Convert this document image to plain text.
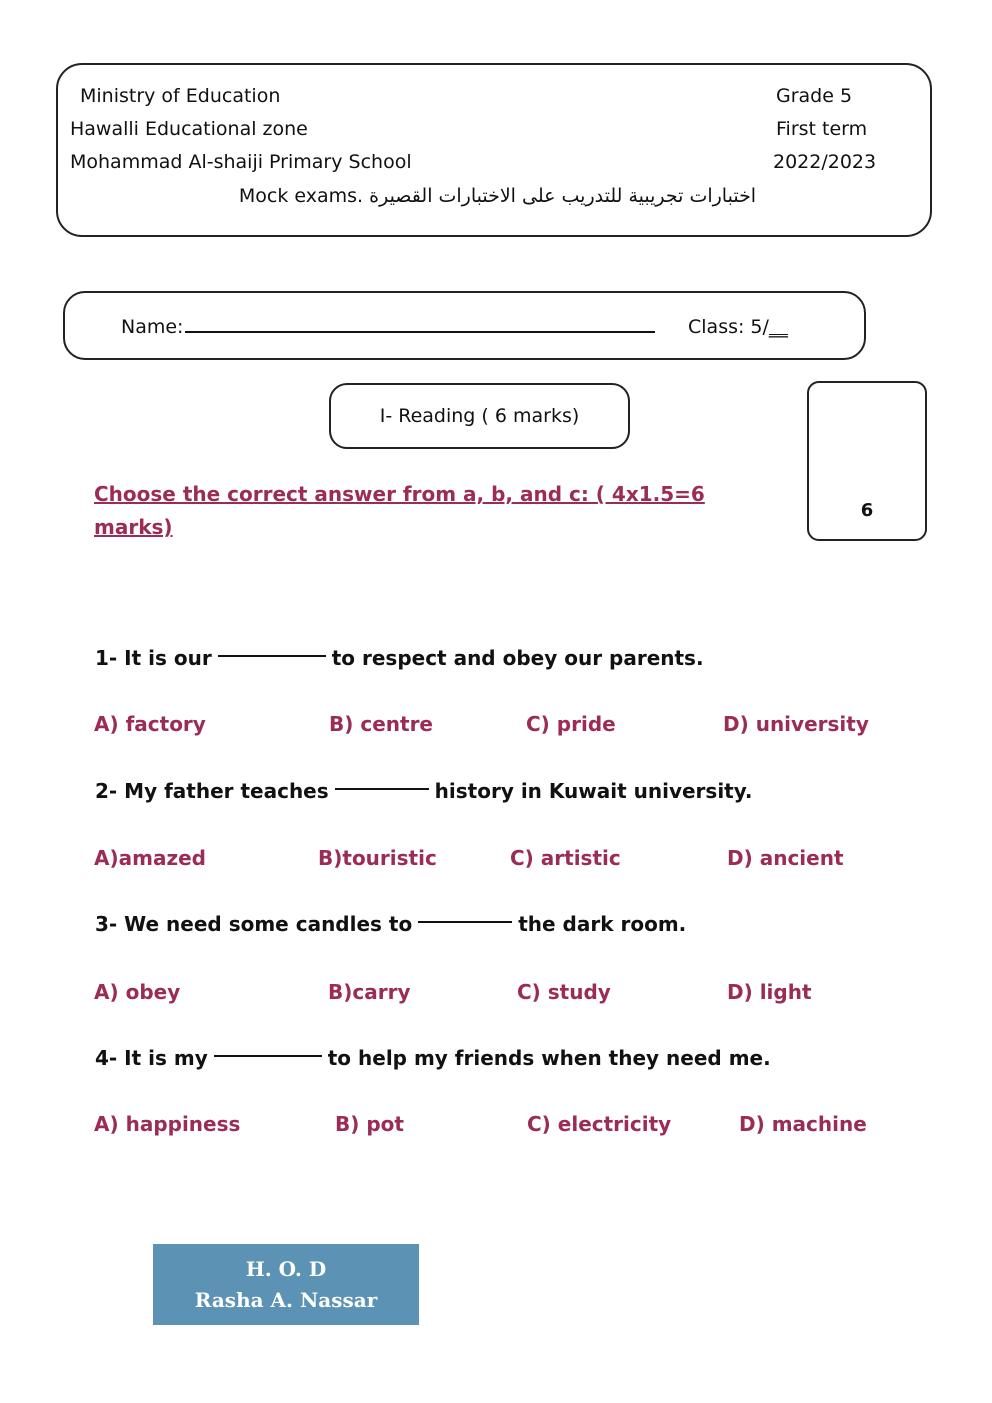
Ministry of Education
Hawalli Educational zone
Mohammad Al-shaiji Primary School
Grade 5
First term
2022/2023
Mock exams. اختبارات تجريبية للتدريب على الاختبارات القصيرة
Name:	Class: 5/__
I- Reading ( 6 marks)
6
Choose the correct answer from a, b, and c: ( 4x1.5=6 marks)
1- It is our	to respect and obey our parents.
A) factory	B) centre	C) pride	D) university
2- My father teaches	history in Kuwait university.
A)amazed	B)touristic	C) artistic	D) ancient
3- We need some candles to	the dark room.
A) obey	B)carry	C) study	D) light
4- It is my	to help my friends when they need me.
A) happiness	B) pot	C) electricity	D) machine
H. O. D
Rasha A. Nassar
